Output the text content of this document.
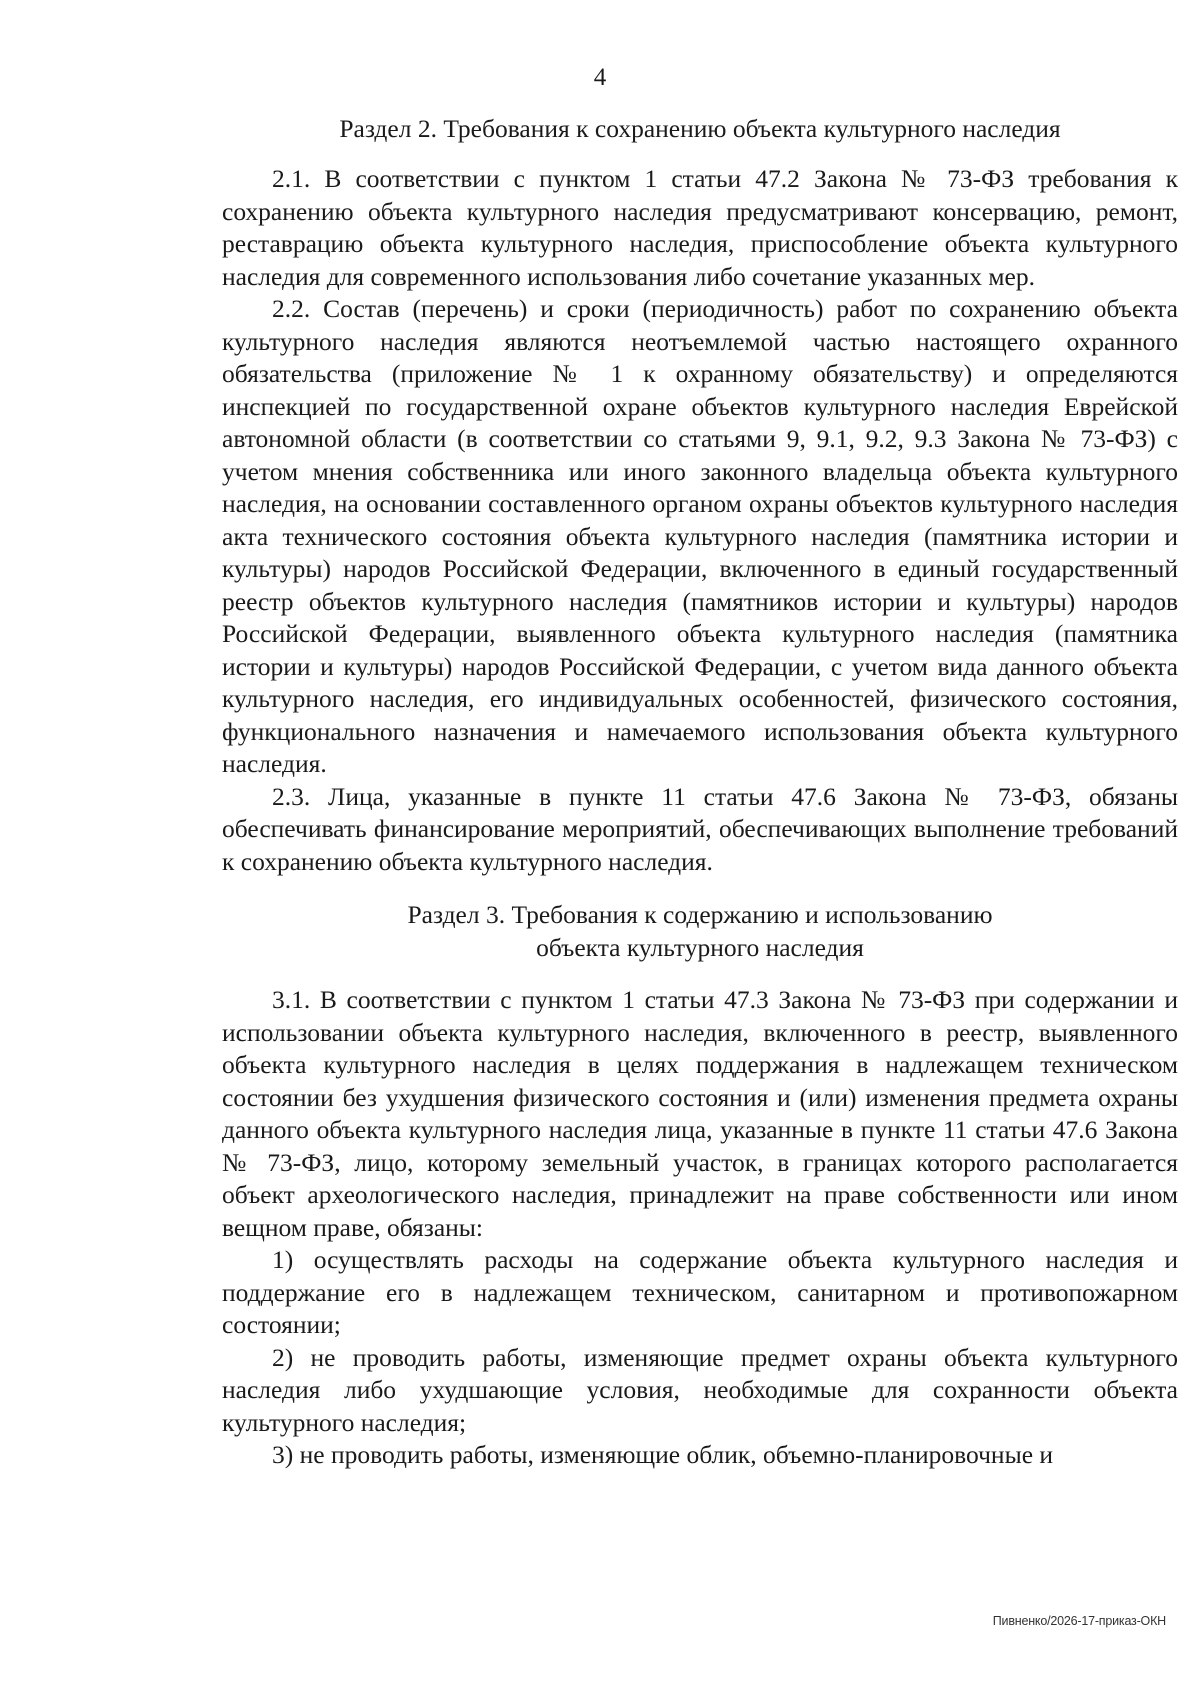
4

Раздел 2. Требования к сохранению объекта культурного наследия

2.1. В соответствии с пунктом 1 статьи 47.2 Закона № 73-ФЗ требования к сохранению объекта культурного наследия предусматривают консервацию, ремонт, реставрацию объекта культурного наследия, приспособление объекта культурного наследия для современного использования либо сочетание указанных мер.

2.2. Состав (перечень) и сроки (периодичность) работ по сохранению объекта культурного наследия являются неотъемлемой частью настоящего охранного обязательства (приложение № 1 к охранному обязательству) и определяются инспекцией по государственной охране объектов культурного наследия Еврейской автономной области (в соответствии со статьями 9, 9.1, 9.2, 9.3 Закона № 73-ФЗ) с учетом мнения собственника или иного законного владельца объекта культурного наследия, на основании составленного органом охраны объектов культурного наследия акта технического состояния объекта культурного наследия (памятника истории и культуры) народов Российской Федерации, включенного в единый государственный реестр объектов культурного наследия (памятников истории и культуры) народов Российской Федерации, выявленного объекта культурного наследия (памятника истории и культуры) народов Российской Федерации, с учетом вида данного объекта культурного наследия, его индивидуальных особенностей, физического состояния, функционального назначения и намечаемого использования объекта культурного наследия.

2.3. Лица, указанные в пункте 11 статьи 47.6 Закона № 73-ФЗ, обязаны обеспечивать финансирование мероприятий, обеспечивающих выполнение требований к сохранению объекта культурного наследия.

Раздел 3. Требования к содержанию и использованию
объекта культурного наследия

3.1. В соответствии с пунктом 1 статьи 47.3 Закона № 73-ФЗ при содержании и использовании объекта культурного наследия, включенного в реестр, выявленного объекта культурного наследия в целях поддержания в надлежащем техническом состоянии без ухудшения физического состояния и (или) изменения предмета охраны данного объекта культурного наследия лица, указанные в пункте 11 статьи 47.6 Закона № 73-ФЗ, лицо, которому земельный участок, в границах которого располагается объект археологического наследия, принадлежит на праве собственности или ином вещном праве, обязаны:

1) осуществлять расходы на содержание объекта культурного наследия и поддержание его в надлежащем техническом, санитарном и противопожарном состоянии;

2) не проводить работы, изменяющие предмет охраны объекта культурного наследия либо ухудшающие условия, необходимые для сохранности объекта культурного наследия;

3) не проводить работы, изменяющие облик, объемно-планировочные и

Пивненко/2026-17-приказ-ОКН
